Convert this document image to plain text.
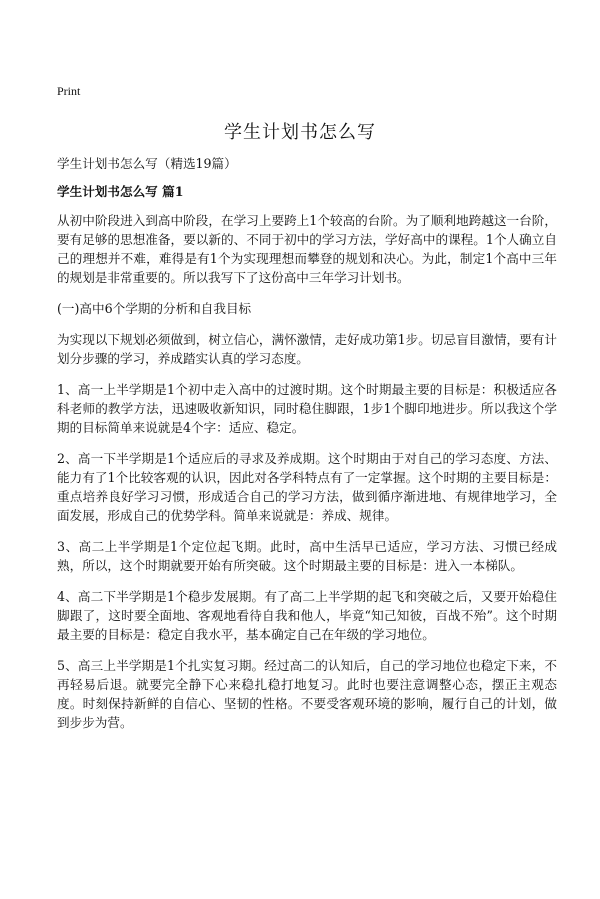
Print
学生计划书怎么写

学生计划书怎么写（精选19篇）

学生计划书怎么写 篇1

从初中阶段进入到高中阶段，在学习上要跨上1个较高的台阶。为了顺利地跨越这一台阶，要有足够的思想准备，要以新的、不同于初中的学习方法，学好高中的课程。1个人确立自己的理想并不难，难得是有1个为实现理想而攀登的规划和决心。为此，制定1个高中三年的规划是非常重要的。所以我写下了这份高中三年学习计划书。

(一)高中6个学期的分析和自我目标

为实现以下规划必须做到，树立信心，满怀激情，走好成功第1步。切忌盲目激情，要有计划分步骤的学习，养成踏实认真的学习态度。

1、高一上半学期是1个初中走入高中的过渡时期。这个时期最主要的目标是：积极适应各科老师的教学方法，迅速吸收新知识，同时稳住脚跟，1步1个脚印地进步。所以我这个学期的目标简单来说就是4个字：适应、稳定。

2、高一下半学期是1个适应后的寻求及养成期。这个时期由于对自己的学习态度、方法、能力有了1个比较客观的认识，因此对各学科特点有了一定掌握。这个时期的主要目标是：重点培养良好学习习惯，形成适合自己的学习方法，做到循序渐进地、有规律地学习，全面发展，形成自己的优势学科。简单来说就是：养成、规律。

3、高二上半学期是1个定位起飞期。此时，高中生活早已适应，学习方法、习惯已经成熟，所以，这个时期就要开始有所突破。这个时期最主要的目标是：进入一本梯队。

4、高二下半学期是1个稳步发展期。有了高二上半学期的起飞和突破之后，又要开始稳住脚跟了，这时要全面地、客观地看待自我和他人，毕竟“知己知彼，百战不殆”。这个时期最主要的目标是：稳定自我水平，基本确定自己在年级的学习地位。

5、高三上半学期是1个扎实复习期。经过高二的认知后，自己的学习地位也稳定下来，不再轻易后退。就要完全静下心来稳扎稳打地复习。此时也要注意调整心态，摆正主观态度。时刻保持新鲜的自信心、坚韧的性格。不要受客观环境的影响，履行自己的计划，做到步步为营。
